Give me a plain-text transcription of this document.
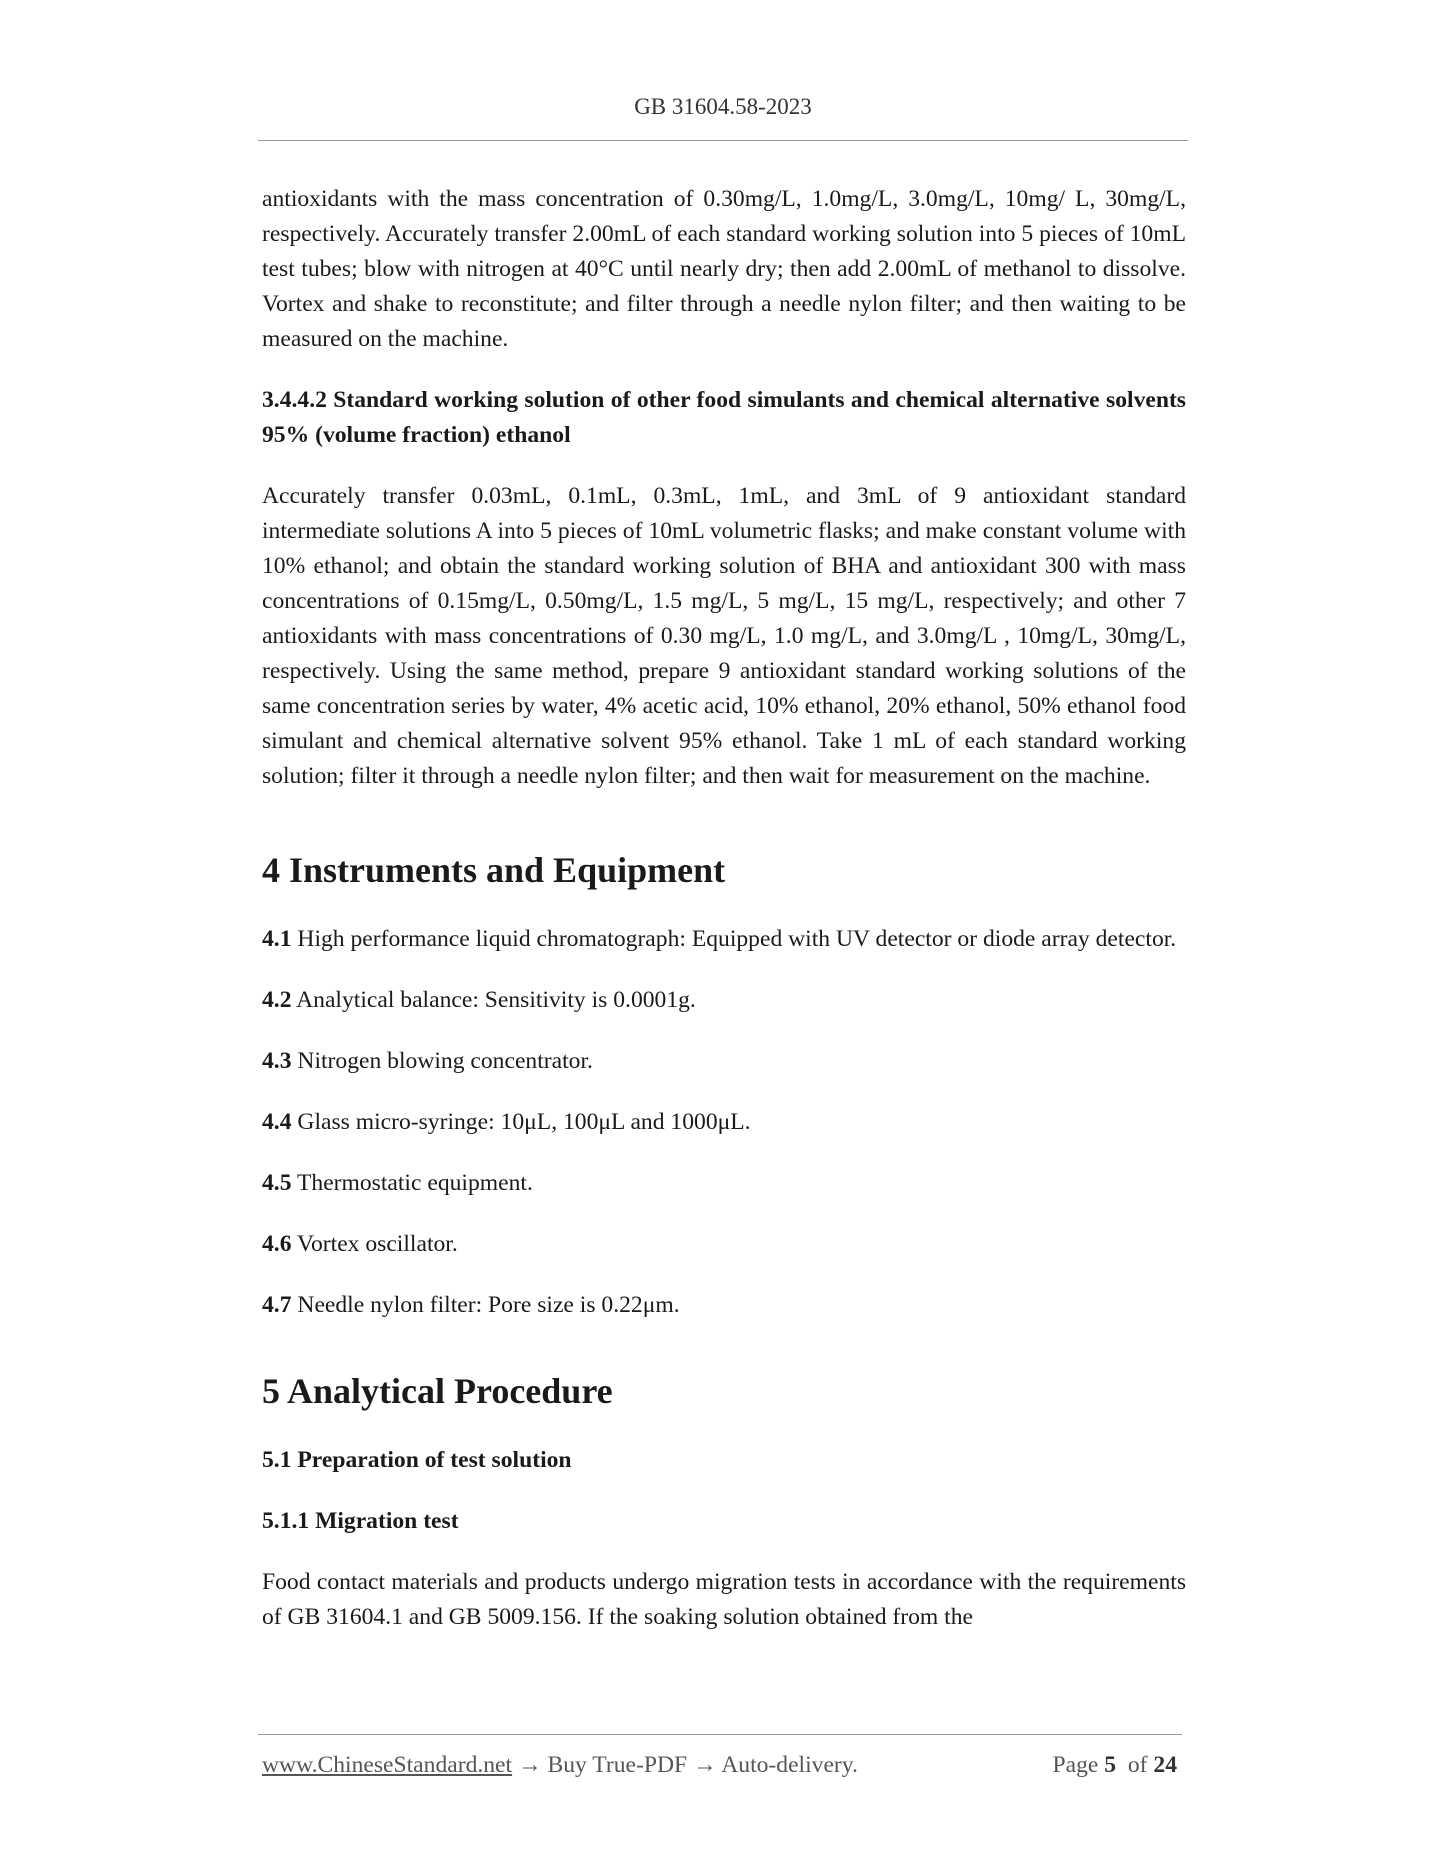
GB 31604.58-2023

antioxidants with the mass concentration of 0.30mg/L, 1.0mg/L, 3.0mg/L, 10mg/ L, 30mg/L, respectively. Accurately transfer 2.00mL of each standard working solution into 5 pieces of 10mL test tubes; blow with nitrogen at 40°C until nearly dry; then add 2.00mL of methanol to dissolve. Vortex and shake to reconstitute; and filter through a needle nylon filter; and then waiting to be measured on the machine.

3.4.4.2 Standard working solution of other food simulants and chemical alternative solvents 95% (volume fraction) ethanol

Accurately transfer 0.03mL, 0.1mL, 0.3mL, 1mL, and 3mL of 9 antioxidant standard intermediate solutions A into 5 pieces of 10mL volumetric flasks; and make constant volume with 10% ethanol; and obtain the standard working solution of BHA and antioxidant 300 with mass concentrations of 0.15mg/L, 0.50mg/L, 1.5 mg/L, 5 mg/L, 15 mg/L, respectively; and other 7 antioxidants with mass concentrations of 0.30 mg/L, 1.0 mg/L, and 3.0mg/L , 10mg/L, 30mg/L, respectively. Using the same method, prepare 9 antioxidant standard working solutions of the same concentration series by water, 4% acetic acid, 10% ethanol, 20% ethanol, 50% ethanol food simulant and chemical alternative solvent 95% ethanol. Take 1 mL of each standard working solution; filter it through a needle nylon filter; and then wait for measurement on the machine.

4 Instruments and Equipment

4.1 High performance liquid chromatograph: Equipped with UV detector or diode array detector.

4.2 Analytical balance: Sensitivity is 0.0001g.

4.3 Nitrogen blowing concentrator.

4.4 Glass micro-syringe: 10μL, 100μL and 1000μL.

4.5 Thermostatic equipment.

4.6 Vortex oscillator.

4.7 Needle nylon filter: Pore size is 0.22μm.

5 Analytical Procedure

5.1 Preparation of test solution

5.1.1 Migration test

Food contact materials and products undergo migration tests in accordance with the requirements of GB 31604.1 and GB 5009.156. If the soaking solution obtained from the

www.ChineseStandard.net → Buy True-PDF → Auto-delivery.	Page 5 of 24
